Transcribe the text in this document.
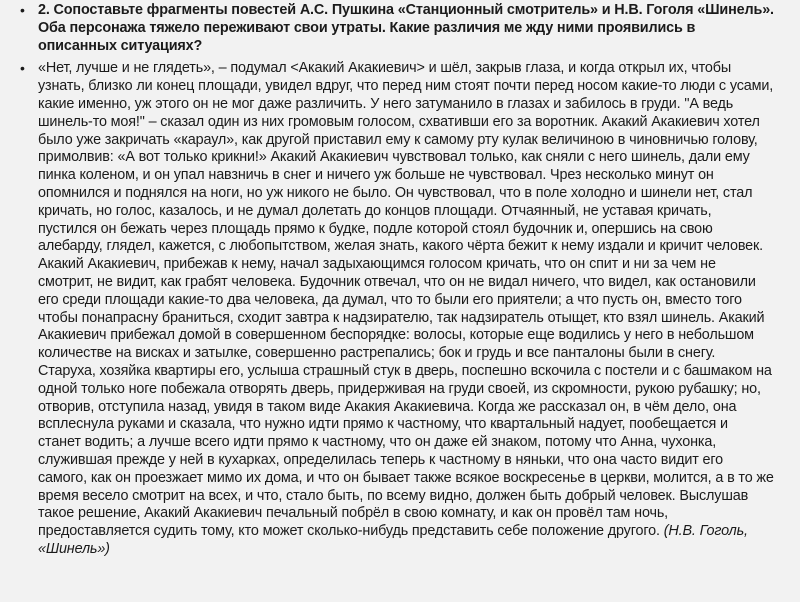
• 2. Сопоставьте фрагменты повестей А.С. Пушкина «Станционный смотритель» и Н.В. Гоголя «Шинель». Оба персонажа тяжело переживают свои утраты. Какие различия ме жду ними проявились в описанных ситуациях?
• «Нет, лучше и не глядеть», – подумал <Акакий Акакиевич> и шёл, закрыв глаза, и когда открыл их, чтобы узнать, близко ли конец площади, увидел вдруг, что перед ним стоят почти перед носом какие-то люди с усами, какие именно, уж этого он не мог даже различить. У него затуманило в глазах и забилось в груди. "А ведь шинель-то моя!" – сказал один из них громовым голосом, схвативши его за воротник. Акакий Акакиевич хотел было уже закричать «караул», как другой приставил ему к самому рту кулак величиною в чиновничью голову, примолвив: «А вот только крикни!» Акакий Акакиевич чувствовал только, как сняли с него шинель, дали ему пинка коленом, и он упал навзничь в снег и ничего уж больше не чувствовал. Чрез несколько минут он опомнился и поднялся на ноги, но уж никого не было. Он чувствовал, что в поле холодно и шинели нет, стал кричать, но голос, казалось, и не думал долетать до концов площади. Отчаянный, не уставая кричать, пустился он бежать через площадь прямо к будке, подле которой стоял будочник и, опершись на свою алебарду, глядел, кажется, с любопытством, желая знать, какого чёрта бежит к нему издали и кричит человек. Акакий Акакиевич, прибежав к нему, начал задыхающимся голосом кричать, что он спит и ни за чем не смотрит, не видит, как грабят человека. Будочник отвечал, что он не видал ничего, что видел, как остановили его среди площади какие-то два человека, да думал, что то были его приятели; а что пусть он, вместо того чтобы понапрасну браниться, сходит завтра к надзирателю, так надзиратель отыщет, кто взял шинель. Акакий Акакиевич прибежал домой в совершенном беспорядке: волосы, которые еще водились у него в небольшом количестве на висках и затылке, совершенно растрепались; бок и грудь и все панталоны были в снегу. Старуха, хозяйка квартиры его, услыша страшный стук в дверь, поспешно вскочила с постели и с башмаком на одной только ноге побежала отворять дверь, придерживая на груди своей, из скромности, рукою рубашку; но, отворив, отступила назад, увидя в таком виде Акакия Акакиевича. Когда же рассказал он, в чём дело, она всплеснула руками и сказала, что нужно идти прямо к частному, что квартальный надует, пообещается и станет водить; а лучше всего идти прямо к частному, что он даже ей знаком, потому что Анна, чухонка, служившая прежде у ней в кухарках, определилась теперь к частному в няньки, что она часто видит его самого, как он проезжает мимо их дома, и что он бывает также всякое воскресенье в церкви, молится, а в то же время весело смотрит на всех, и что, стало быть, по всему видно, должен быть добрый человек. Выслушав такое решение, Акакий Акакиевич печальный побрёл в свою комнату, и как он провёл там ночь, предоставляется судить тому, кто может сколько-нибудь представить себе положение другого. (Н.В. Гоголь, «Шинель»)
